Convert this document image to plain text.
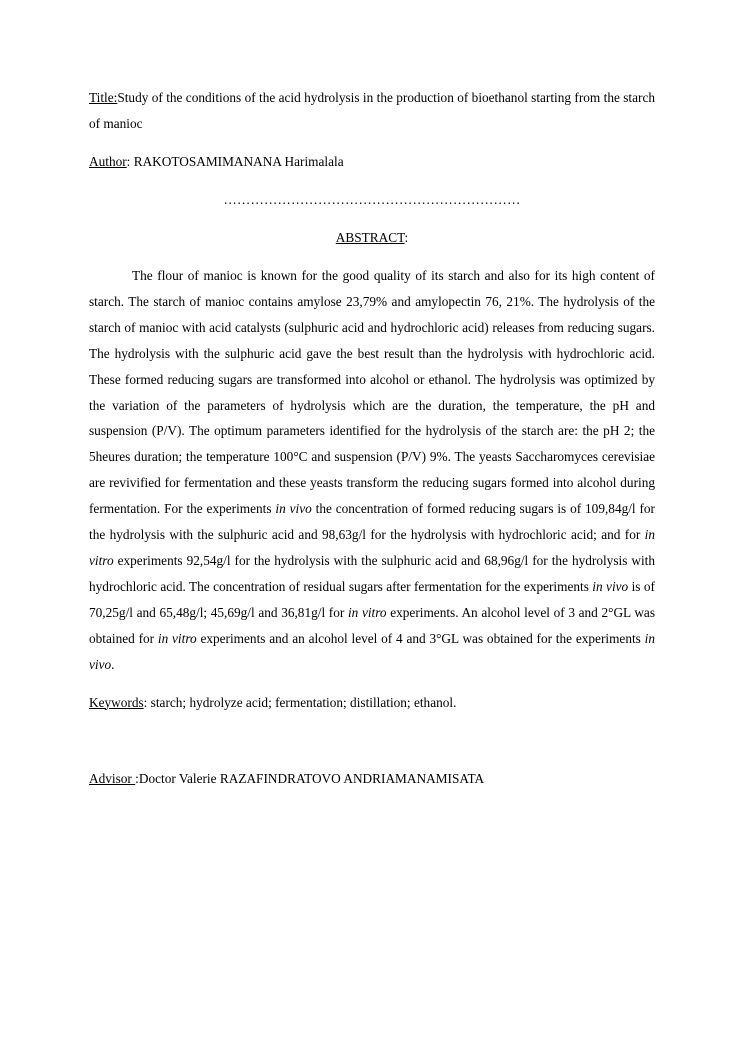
Title:Study of the conditions of the acid hydrolysis in the production of bioethanol starting from the starch of manioc

Author: RAKOTOSAMIMANANA Harimalala

…………………………………………………………

ABSTRACT:

The flour of manioc is known for the good quality of its starch and also for its high content of starch. The starch of manioc contains amylose 23,79% and amylopectin 76, 21%. The hydrolysis of the starch of manioc with acid catalysts (sulphuric acid and hydrochloric acid) releases from reducing sugars. The hydrolysis with the sulphuric acid gave the best result than the hydrolysis with hydrochloric acid. These formed reducing sugars are transformed into alcohol or ethanol. The hydrolysis was optimized by the variation of the parameters of hydrolysis which are the duration, the temperature, the pH and suspension (P/V). The optimum parameters identified for the hydrolysis of the starch are: the pH 2; the 5heures duration; the temperature 100°C and suspension (P/V) 9%. The yeasts Saccharomyces cerevisiae are revivified for fermentation and these yeasts transform the reducing sugars formed into alcohol during fermentation. For the experiments in vivo the concentration of formed reducing sugars is of 109,84g/l for the hydrolysis with the sulphuric acid and 98,63g/l for the hydrolysis with hydrochloric acid; and for in vitro experiments 92,54g/l for the hydrolysis with the sulphuric acid and 68,96g/l for the hydrolysis with hydrochloric acid. The concentration of residual sugars after fermentation for the experiments in vivo is of 70,25g/l and 65,48g/l; 45,69g/l and 36,81g/l for in vitro experiments. An alcohol level of 3 and 2°GL was obtained for in vitro experiments and an alcohol level of 4 and 3°GL was obtained for the experiments in vivo.

Keywords: starch; hydrolyze acid; fermentation; distillation; ethanol.

Advisor :Doctor Valerie RAZAFINDRATOVO ANDRIAMANAMISATA
